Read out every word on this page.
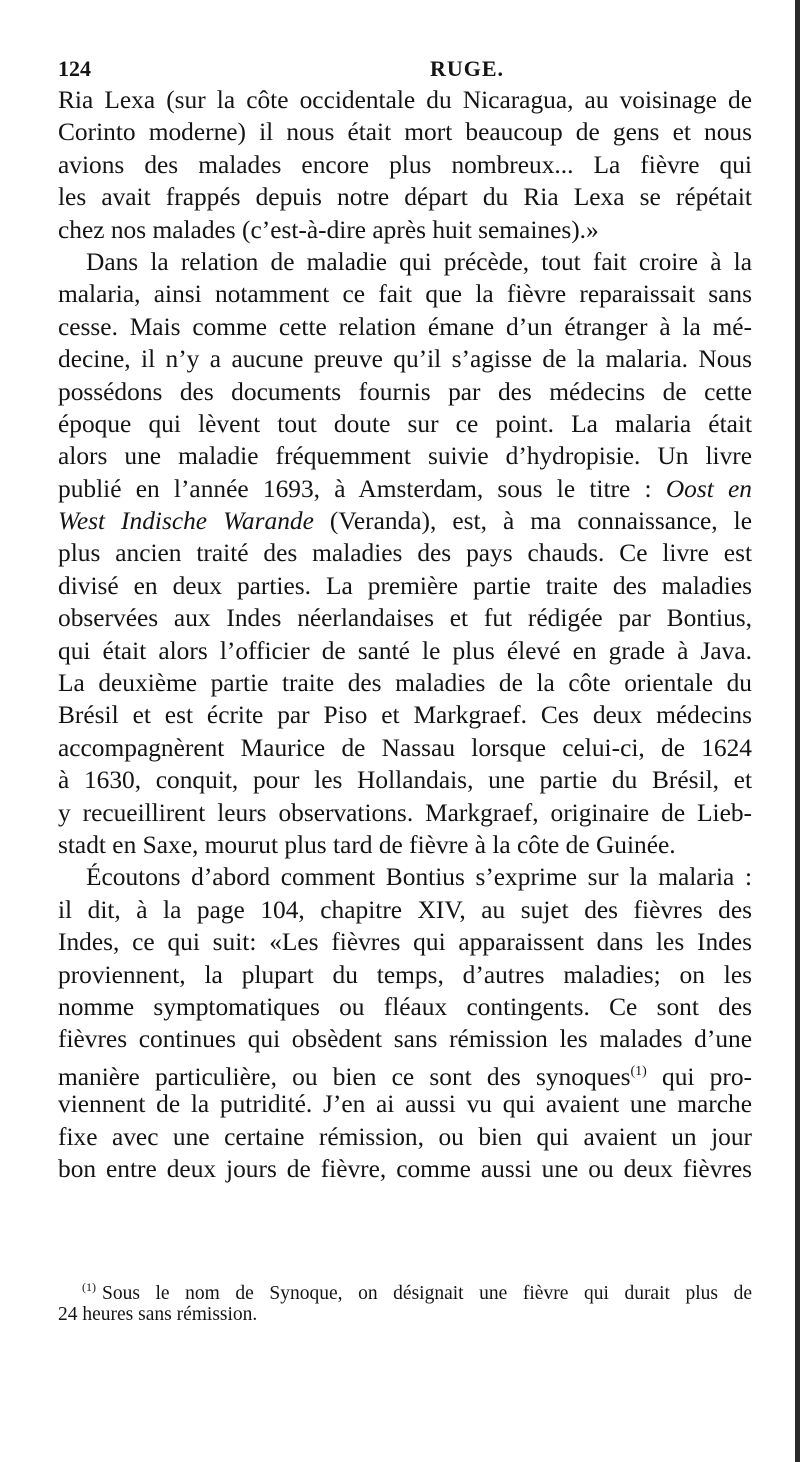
124	RUGE.
Ria Lexa (sur la côte occidentale du Nicaragua, au voisinage de
Corinto moderne) il nous était mort beaucoup de gens et nous
avions des malades encore plus nombreux... La fièvre qui
les avait frappés depuis notre départ du Ria Lexa se répétait
chez nos malades (c’est-à-dire après huit semaines).»
Dans la relation de maladie qui précède, tout fait croire à la
malaria, ainsi notamment ce fait que la fièvre reparaissait sans
cesse. Mais comme cette relation émane d’un étranger à la mé-
decine, il n’y a aucune preuve qu’il s’agisse de la malaria. Nous
possédons des documents fournis par des médecins de cette
époque qui lèvent tout doute sur ce point. La malaria était
alors une maladie fréquemment suivie d’hydropisie. Un livre
publié en l’année 1693, à Amsterdam, sous le titre : Oost en
West Indische Warande (Veranda), est, à ma connaissance, le
plus ancien traité des maladies des pays chauds. Ce livre est
divisé en deux parties. La première partie traite des maladies
observées aux Indes néerlandaises et fut rédigée par Bontius,
qui était alors l’officier de santé le plus élevé en grade à Java.
La deuxième partie traite des maladies de la côte orientale du
Brésil et est écrite par Piso et Markgraef. Ces deux médecins
accompagnèrent Maurice de Nassau lorsque celui-ci, de 1624
à 1630, conquit, pour les Hollandais, une partie du Brésil, et
y recueillirent leurs observations. Markgraef, originaire de Lieb-
stadt en Saxe, mourut plus tard de fièvre à la côte de Guinée.
Écoutons d’abord comment Bontius s’exprime sur la malaria :
il dit, à la page 104, chapitre XIV, au sujet des fièvres des
Indes, ce qui suit: «Les fièvres qui apparaissent dans les Indes
proviennent, la plupart du temps, d’autres maladies; on les
nomme symptomatiques ou fléaux contingents. Ce sont des
fièvres continues qui obsèdent sans rémission les malades d’une
manière particulière, ou bien ce sont des synoques$^{(1)}$ qui pro-
viennent de la putridité. J’en ai aussi vu qui avaient une marche
fixe avec une certaine rémission, ou bien qui avaient un jour
bon entre deux jours de fièvre, comme aussi une ou deux fièvres
$^{(1)}$ Sous le nom de Synoque, on désignait une fièvre qui durait plus de
24 heures sans rémission.
